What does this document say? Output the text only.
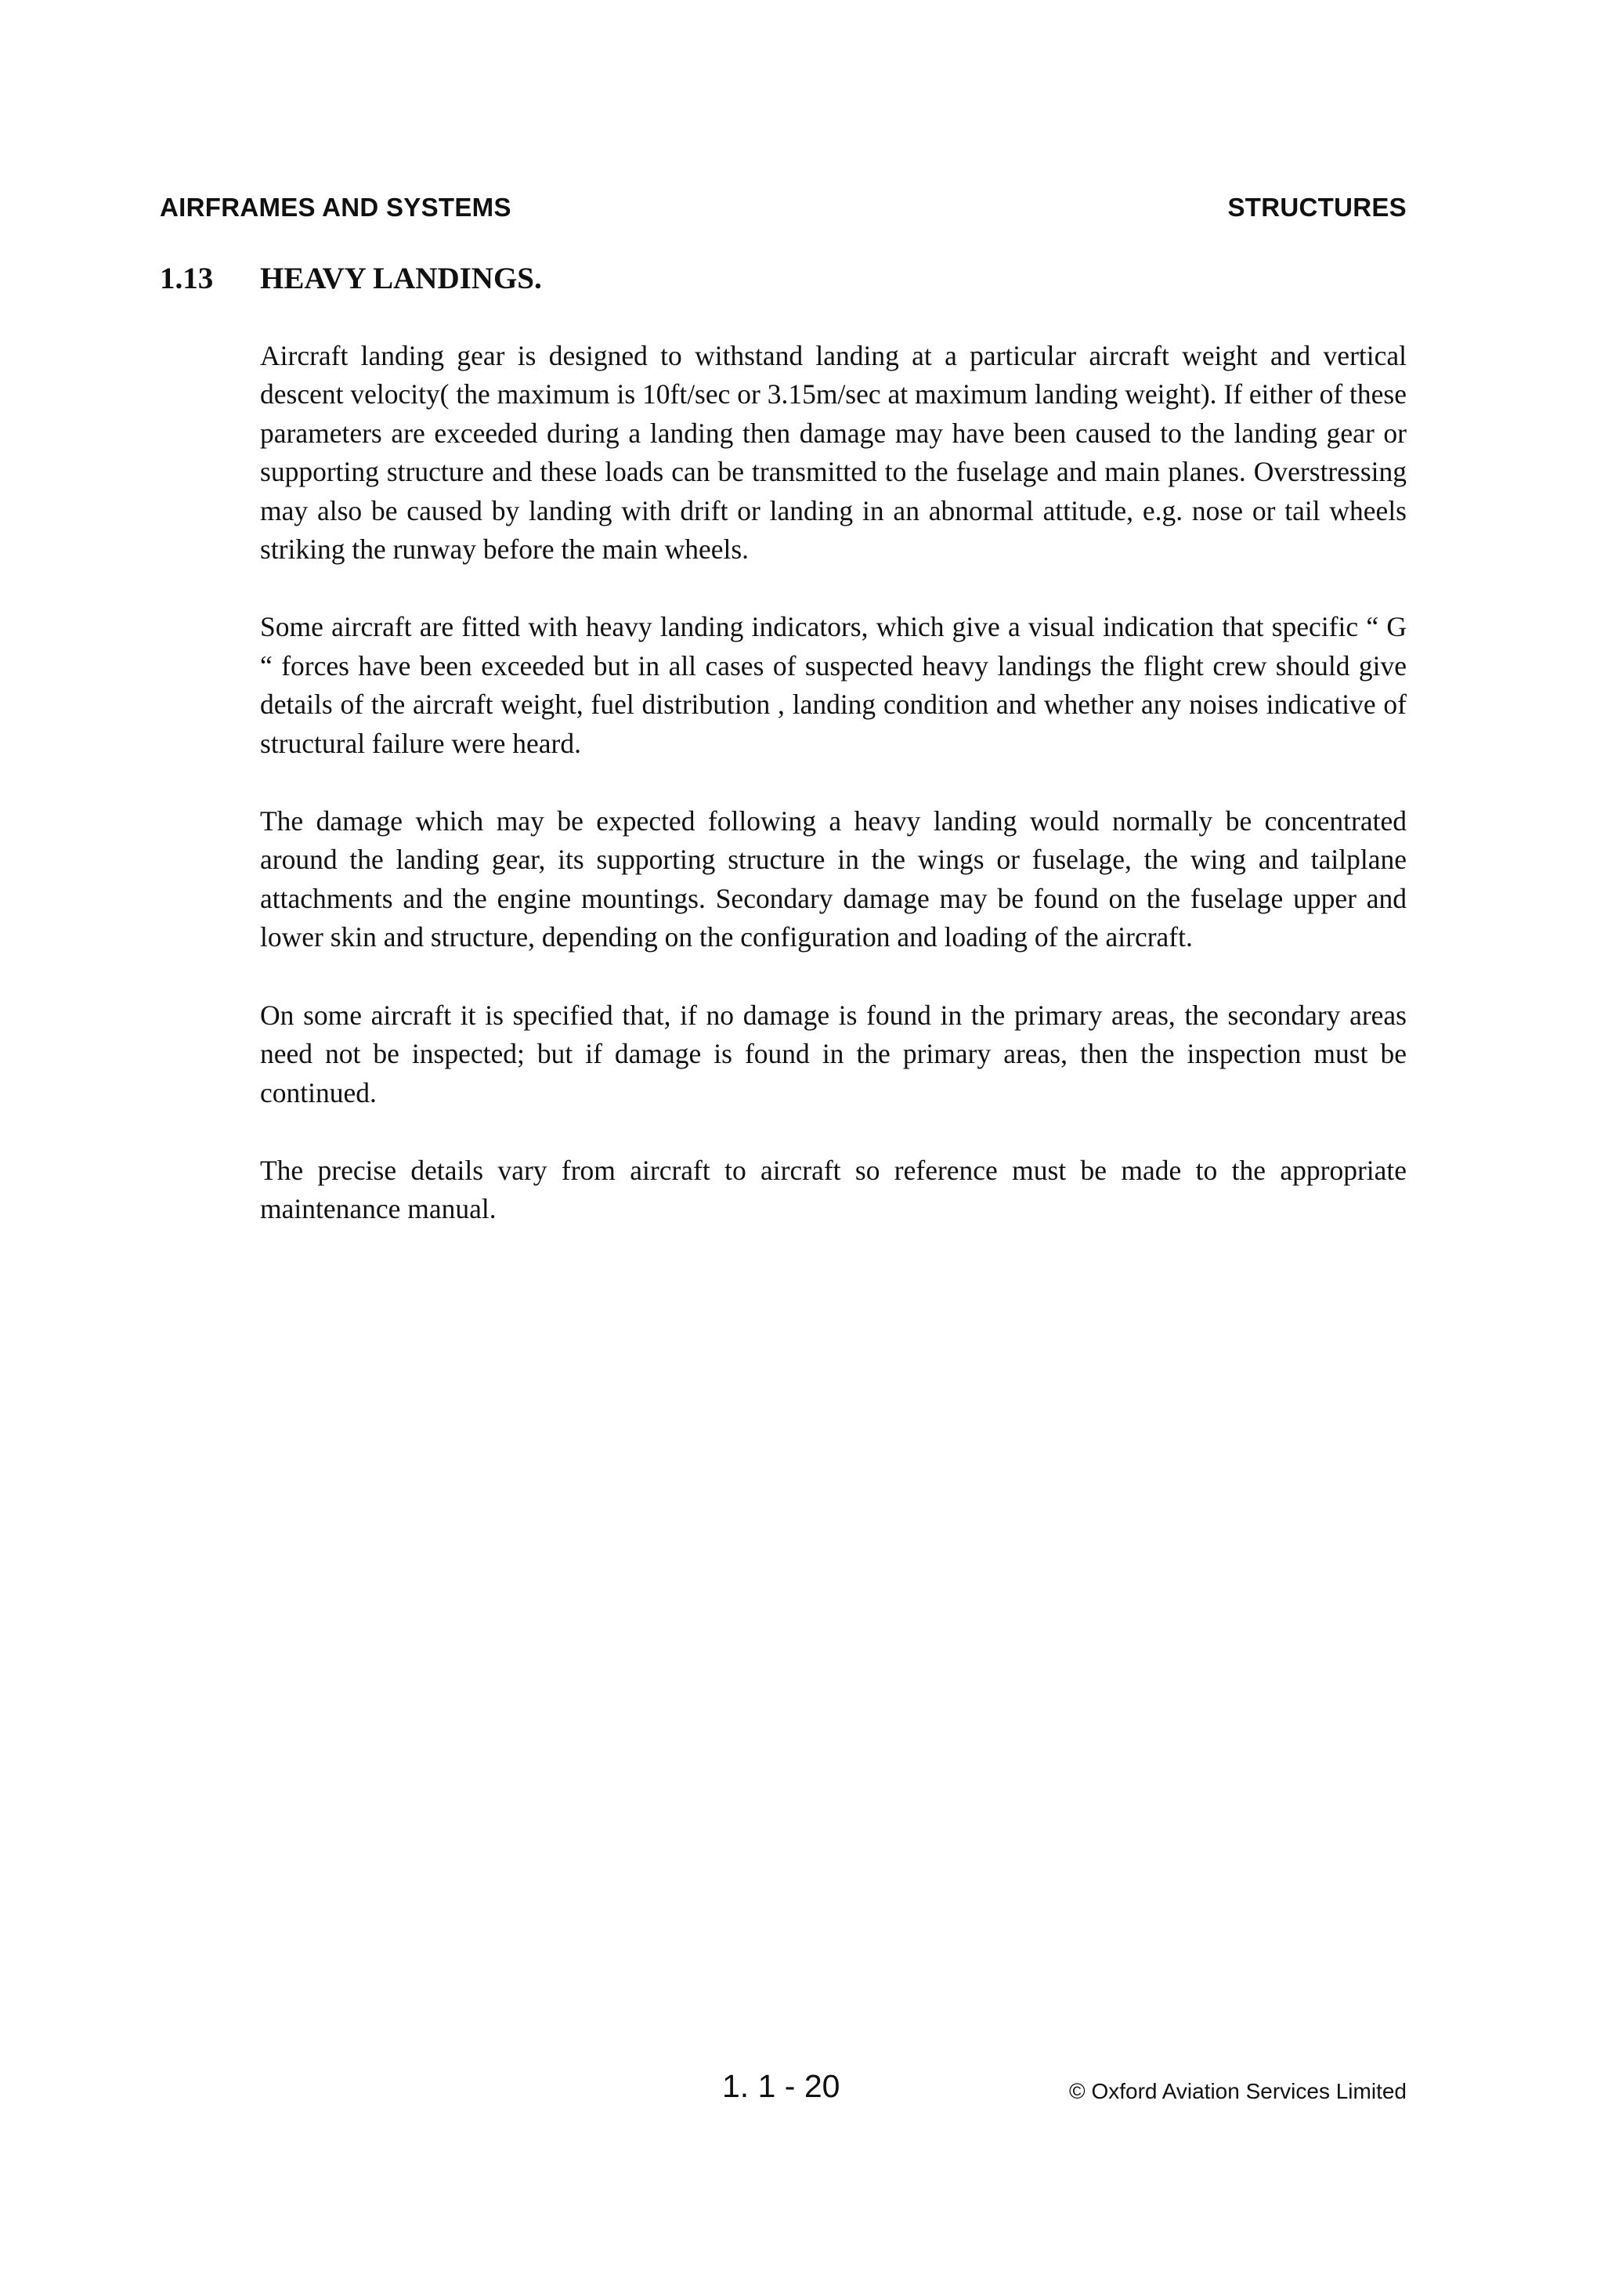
AIRFRAMES AND SYSTEMS	STRUCTURES
1.13 HEAVY LANDINGS.

Aircraft landing gear is designed to withstand landing at a particular aircraft weight and vertical descent velocity( the maximum is 10ft/sec or 3.15m/sec at maximum landing weight). If either of these parameters are exceeded during a landing then damage may have been caused to the landing gear or supporting structure and these loads can be transmitted to the fuselage and main planes. Overstressing may also be caused by landing with drift or landing in an abnormal attitude, e.g. nose or tail wheels striking the runway before the main wheels.

Some aircraft are fitted with heavy landing indicators, which give a visual indication that specific “ G “ forces have been exceeded but in all cases of suspected heavy landings the flight crew should give details of the aircraft weight, fuel distribution , landing condition and whether any noises indicative of structural failure were heard.

The damage which may be expected following a heavy landing would normally be concentrated around the landing gear, its supporting structure in the wings or fuselage, the wing and tailplane attachments and the engine mountings. Secondary damage may be found on the fuselage upper and lower skin and structure, depending on the configuration and loading of the aircraft.

On some aircraft it is specified that, if no damage is found in the primary areas, the secondary areas need not be inspected; but if damage is found in the primary areas, then the inspection must be continued.

The precise details vary from aircraft to aircraft so reference must be made to the appropriate maintenance manual.

1. 1 - 20	© Oxford Aviation Services Limited
